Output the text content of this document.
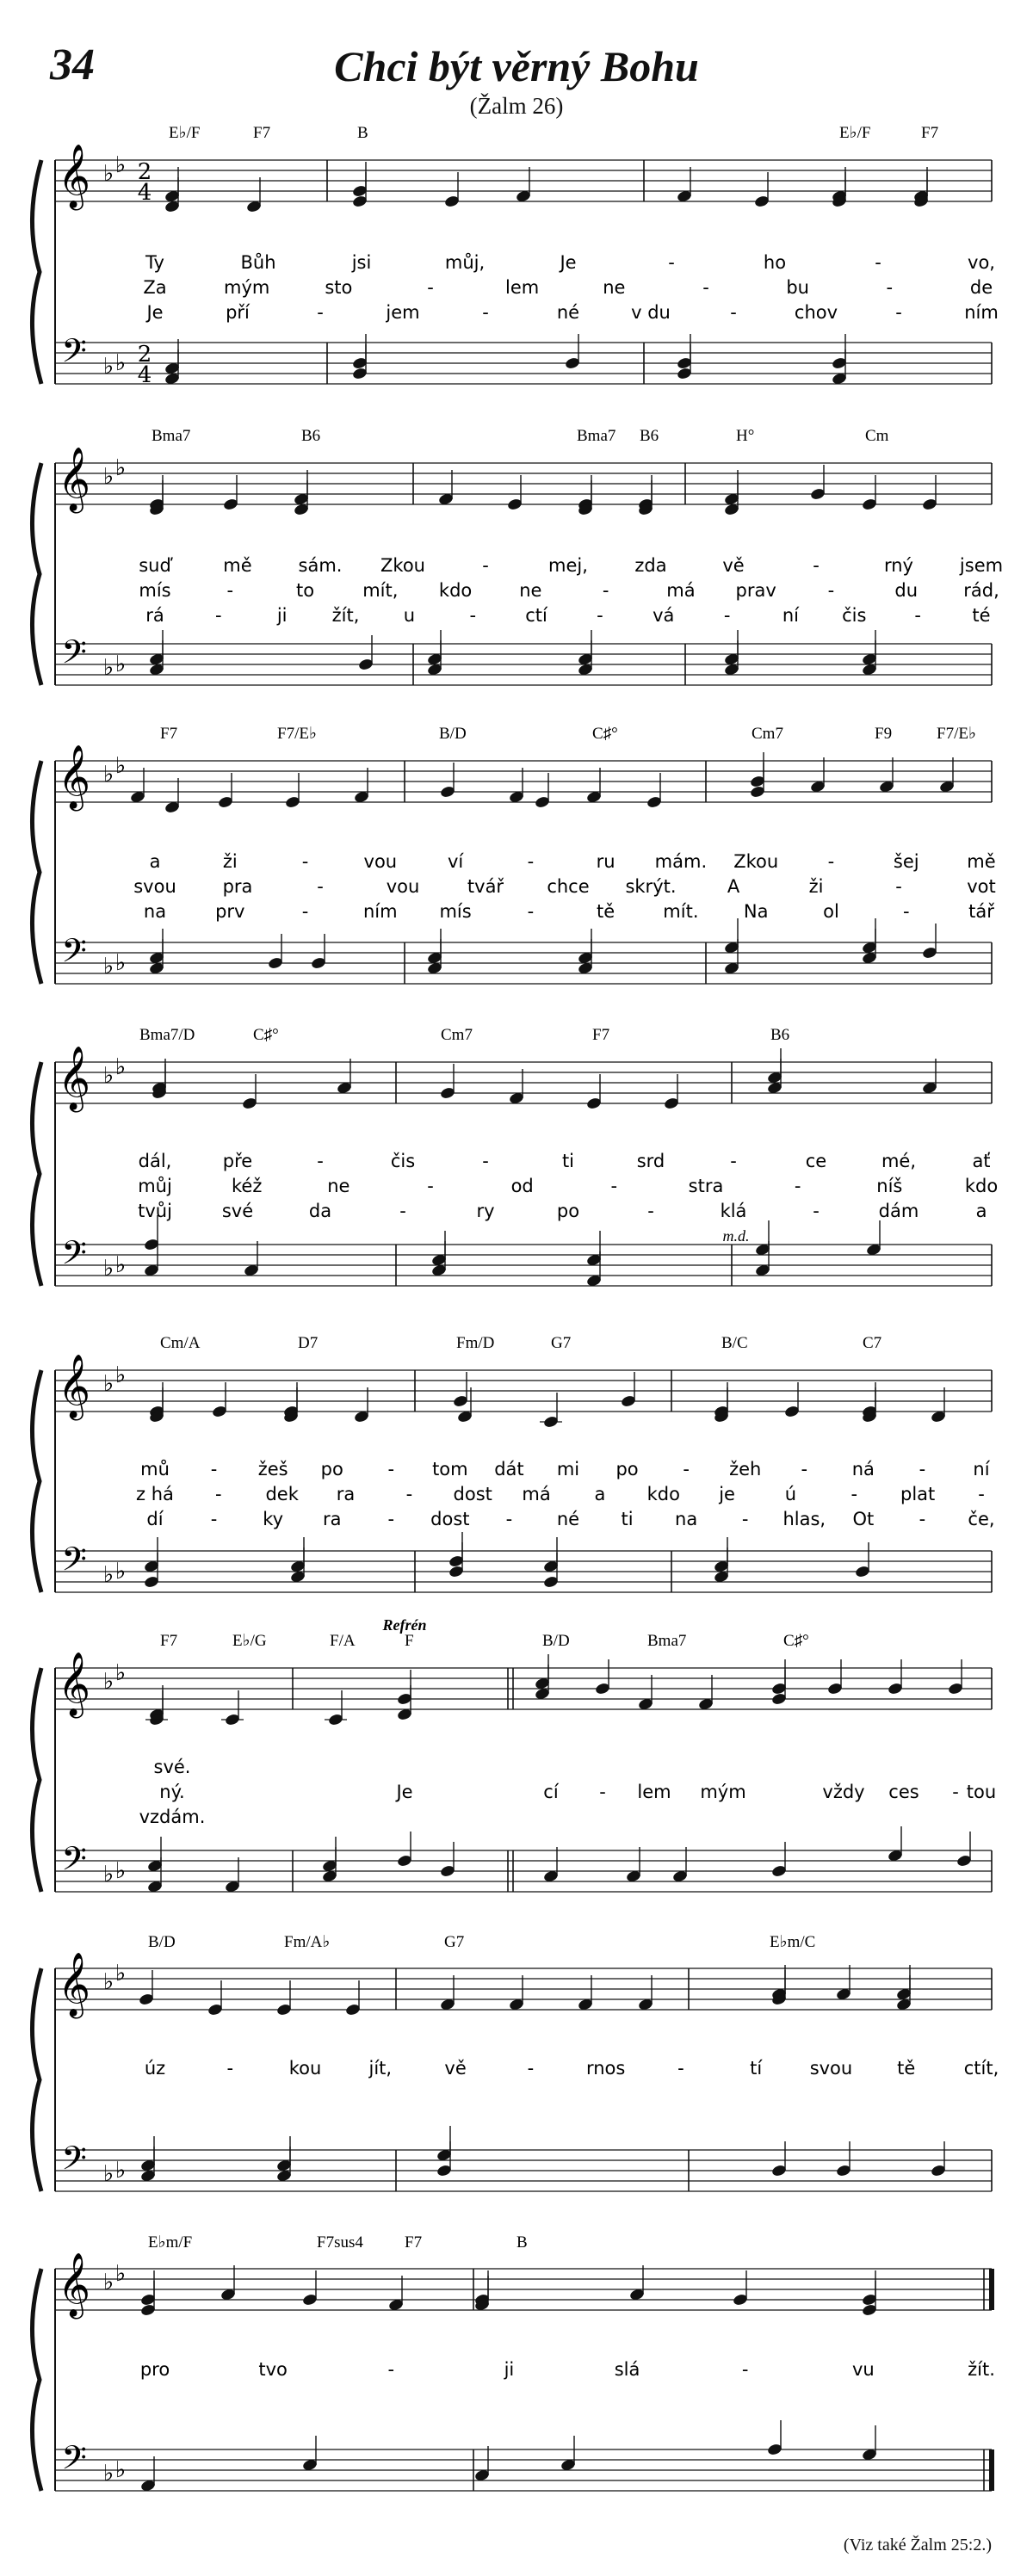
34	Chci být věrný Bohu
(Žalm 26)
𝄞 ♭ ♭ 2
4
𝄢 ♭ ♭ 2
4
E♭/F	F7	B	E♭/F	F7
Ty	Bůh	jsi	můj,	Je	-	ho	-	vo,
Za	mým	sto	-	lem	ne	-	bu	-	de
Je	pří	-	jem	-	né	v du	-	chov	-	ním
𝄞 ♭ ♭
𝄢 ♭ ♭
Bmа7	B6	Bmа7 B6	H°	Cm
suď	mě	sám. Zkou	-	mej,	zda	vě	-	rný	jsem
mís	-	to	mít, kdo	ne	-	má prav	-	du	rád,
rá	-	ji žít, u	-	ctí	-	vá	-	ní čis	-	té
𝄞 ♭ ♭
𝄢 ♭ ♭
F7	F7/E♭	B/D	C♯°	Cm7	F9	F7/E♭
a	ži	-	vou	ví	-	ru mám. Zkou	-	šej	mě
svou	pra	-	vou	tvář chce skrýt.	A	ži	-	vot
na	prv	-	ním mís	-	tě	mít. Na	ol	-	tář
𝄞 ♭ ♭
𝄢 ♭ ♭
Bmа7/D	C♯°	Cm7	F7	B6
m.d.
dál,	pře	-	čis	-	ti	srd	-	ce	mé,	ať
můj	kéž	ne	-	od	-	stra	-	níš	kdo
tvůj	své	da	-	ry	po	-	klá	-	dám	a
𝄞 ♭ ♭
𝄢 ♭ ♭
Cm/A	D7	Fm/D	G7	B/C	C7
mů - žeš po - tom dát mi po - žeh - ná -	ní
z há - dek ra	- dost má a kdo je	ú	- plat -
dí	-	ky ra	- dost - né ti na - hlas, Ot - če,
𝄞 ♭ ♭
𝄢 ♭ ♭
F7	E♭/G	F/A	F	B/D	Bmа7	C♯°
Refrén
své.
ný.	Je	cí - lem mým	vždy ces - tou
vzdám.
𝄞 ♭ ♭
𝄢 ♭ ♭
B/D	Fm/A♭	G7	E♭m/C
úz	-	kou	jít,	vě	-	rnos	-	tí	svou tě	ctít,
𝄞 ♭ ♭
𝄢 ♭ ♭
E♭m/F	F7sus4	F7	B
pro	tvo	-	ji	slá	-	vu	žít.
(Viz také Žalm 25:2.)
